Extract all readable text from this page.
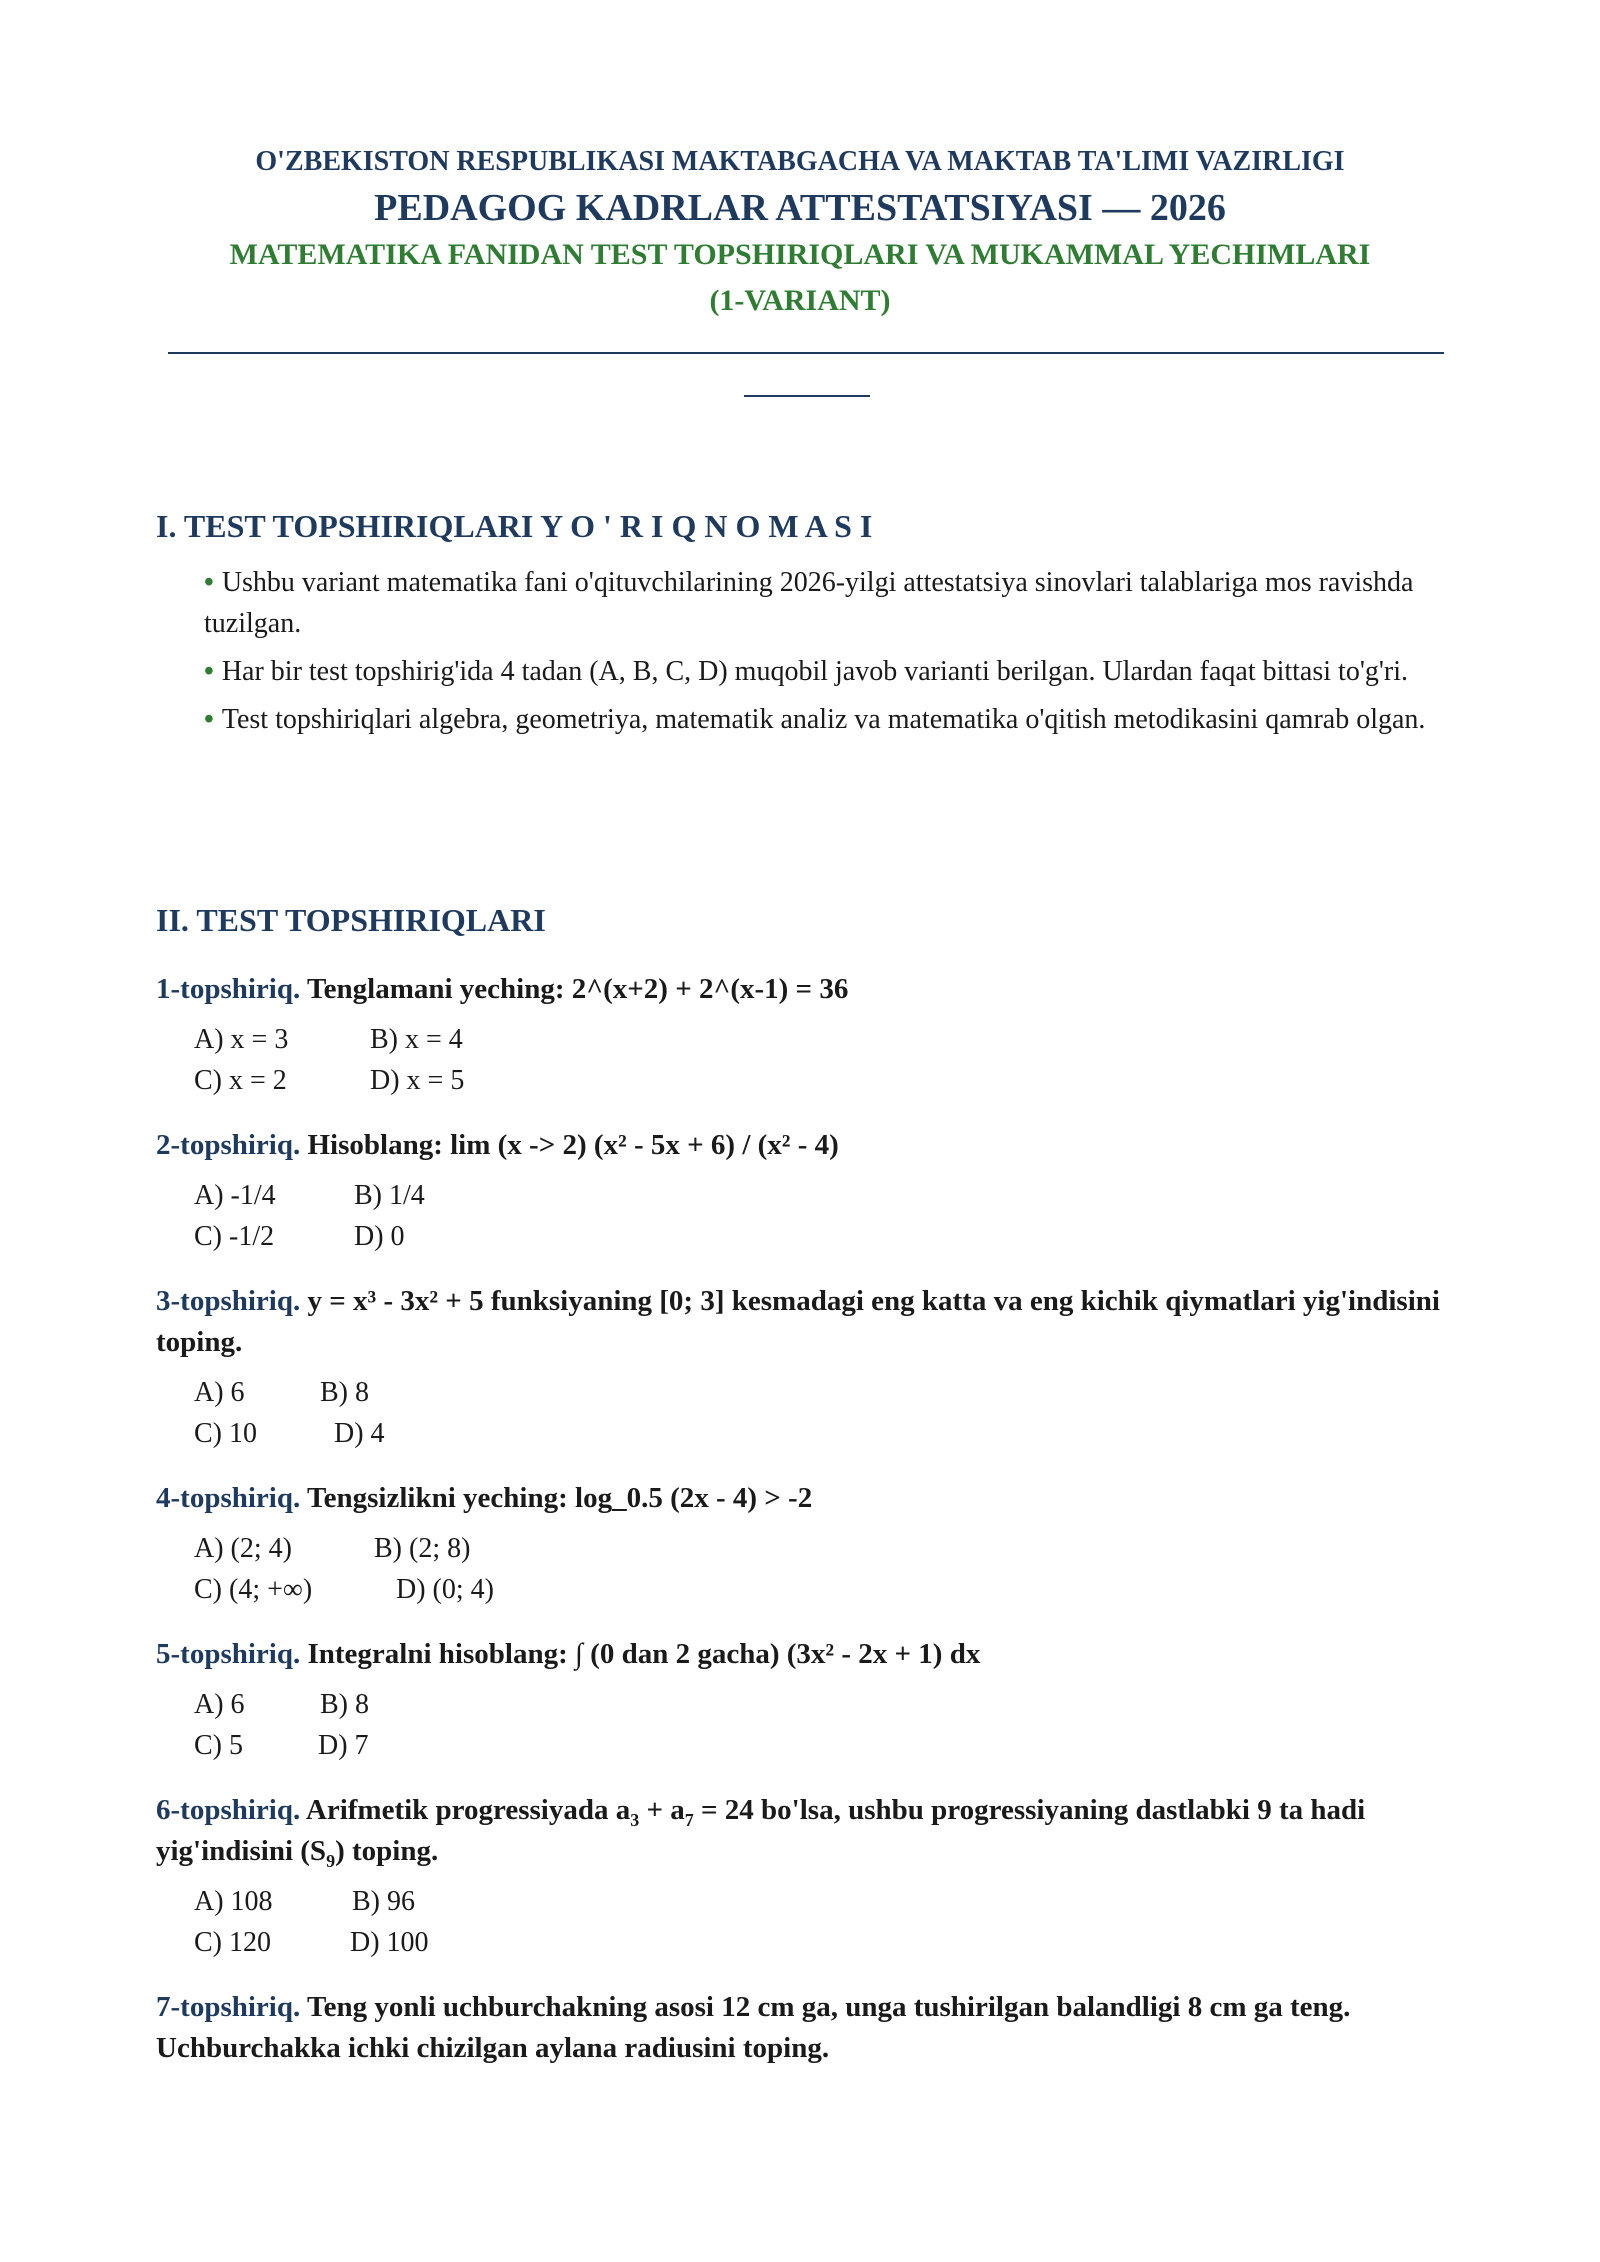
O'ZBEKISTON RESPUBLIKASI MAKTABGACHA VA MAKTAB TA'LIMI VAZIRLIGI
PEDAGOG KADRLAR ATTESTATSIYASI — 2026
MATEMATIKA FANIDAN TEST TOPSHIRIQLARI VA MUKAMMAL YECHIMLARI
(1-VARIANT)
I. TEST TOPSHIRIQLARI Y O ' R I Q N O M A S I
• Ushbu variant matematika fani o'qituvchilarining 2026-yilgi attestatsiya sinovlari talablariga mos ravishda tuzilgan.
• Har bir test topshirig'ida 4 tadan (A, B, C, D) muqobil javob varianti berilgan. Ulardan faqat bittasi to'g'ri.
• Test topshiriqlari algebra, geometriya, matematik analiz va matematika o'qitish metodikasini qamrab olgan.
II. TEST TOPSHIRIQLARI
1-topshiriq. Tenglamani yeching: 2^(x+2) + 2^(x-1) = 36
A) x = 3	B) x = 4
C) x = 2	D) x = 5
2-topshiriq. Hisoblang: lim (x -> 2) (x² - 5x + 6) / (x² - 4)
A) -1/4	B) 1/4
C) -1/2	D) 0
3-topshiriq. y = x³ - 3x² + 5 funksiyaning [0; 3] kesmadagi eng katta va eng kichik qiymatlari yig'indisini toping.
A) 6	B) 8
C) 10	D) 4
4-topshiriq. Tengsizlikni yeching: log_0.5 (2x - 4) > -2
A) (2; 4)	B) (2; 8)
C) (4; +∞)	D) (0; 4)
5-topshiriq. Integralni hisoblang: ∫ (0 dan 2 gacha) (3x² - 2x + 1) dx
A) 6	B) 8
C) 5	D) 7
6-topshiriq. Arifmetik progressiyada $a_3 + a_7 = 24$ bo'lsa, ushbu progressiyaning dastlabki 9 ta hadi yig'indisini $(S_9)$ toping.
A) 108	B) 96
C) 120	D) 100
7-topshiriq. Teng yonli uchburchakning asosi 12 cm ga, unga tushirilgan balandligi 8 cm ga teng. Uchburchakka ichki chizilgan aylana radiusini toping.
